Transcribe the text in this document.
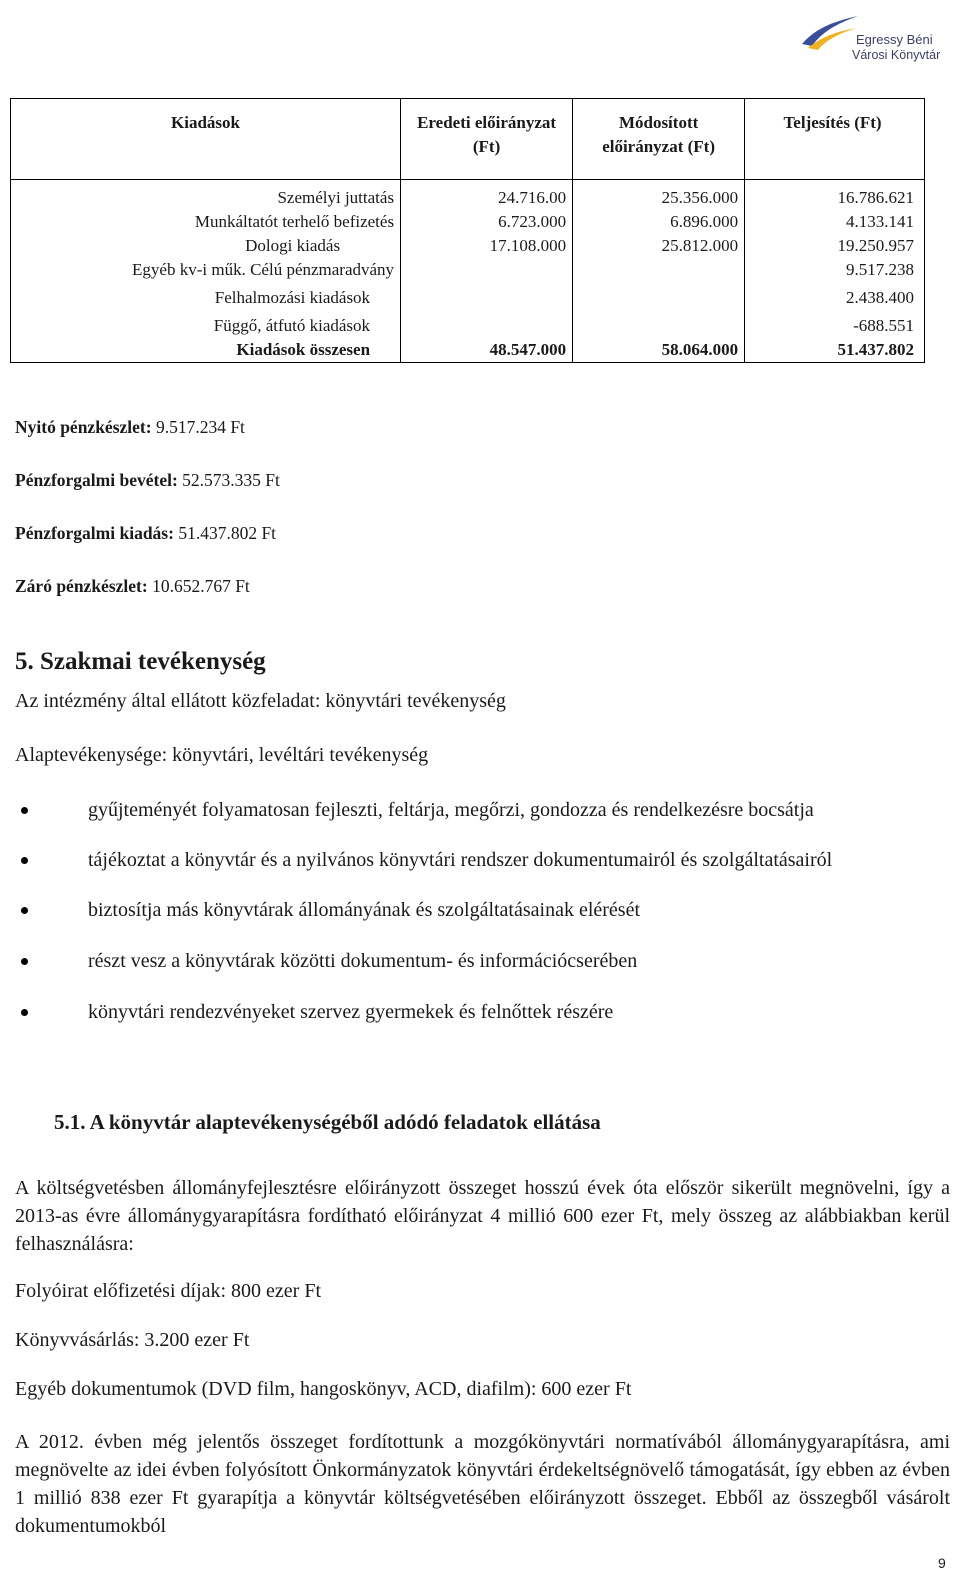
Egressy Béni
Városi Könyvtár
Kiadások	Eredeti előirányzat (Ft)	Módosított előirányzat (Ft)	Teljesítés (Ft)
Személyi juttatás	24.716.00	25.356.000	16.786.621
Munkáltatót terhelő befizetés	6.723.000	6.896.000	4.133.141
Dologi kiadás	17.108.000	25.812.000	19.250.957
Egyéb kv-i műk. Célú pénzmaradvány			9.517.238
Felhalmozási kiadások			2.438.400
Függő, átfutó kiadások			-688.551
Kiadások összesen	48.547.000	58.064.000	51.437.802
Nyitó pénzkészlet: 9.517.234 Ft
Pénzforgalmi bevétel: 52.573.335 Ft
Pénzforgalmi kiadás: 51.437.802 Ft
Záró pénzkészlet: 10.652.767 Ft
5. Szakmai tevékenység
Az intézmény által ellátott közfeladat: könyvtári tevékenység
Alaptevékenysége: könyvtári, levéltári tevékenység
gyűjteményét folyamatosan fejleszti, feltárja, megőrzi, gondozza és rendelkezésre bocsátja
tájékoztat a könyvtár és a nyilvános könyvtári rendszer dokumentumairól és szolgáltatásairól
biztosítja más könyvtárak állományának és szolgáltatásainak elérését
részt vesz a könyvtárak közötti dokumentum- és információcserében
könyvtári rendezvényeket szervez gyermekek és felnőttek részére
5.1. A könyvtár alaptevékenységéből adódó feladatok ellátása
A költségvetésben állományfejlesztésre előirányzott összeget hosszú évek óta először sikerült megnövelni, így a 2013-as évre állománygyarapításra fordítható előirányzat 4 millió 600 ezer Ft, mely összeg az alábbiakban kerül felhasználásra:
Folyóirat előfizetési díjak: 800 ezer Ft
Könyvvásárlás: 3.200 ezer Ft
Egyéb dokumentumok (DVD film, hangoskönyv, ACD, diafilm): 600 ezer Ft
A 2012. évben még jelentős összeget fordítottunk a mozgókönyvtári normatívából állománygyarapításra, ami megnövelte az idei évben folyósított Önkormányzatok könyvtári érdekeltségnövelő támogatását, így ebben az évben 1 millió 838 ezer Ft gyarapítja a könyvtár költségvetésében előirányzott összeget. Ebből az összegből vásárolt dokumentumokból
9
